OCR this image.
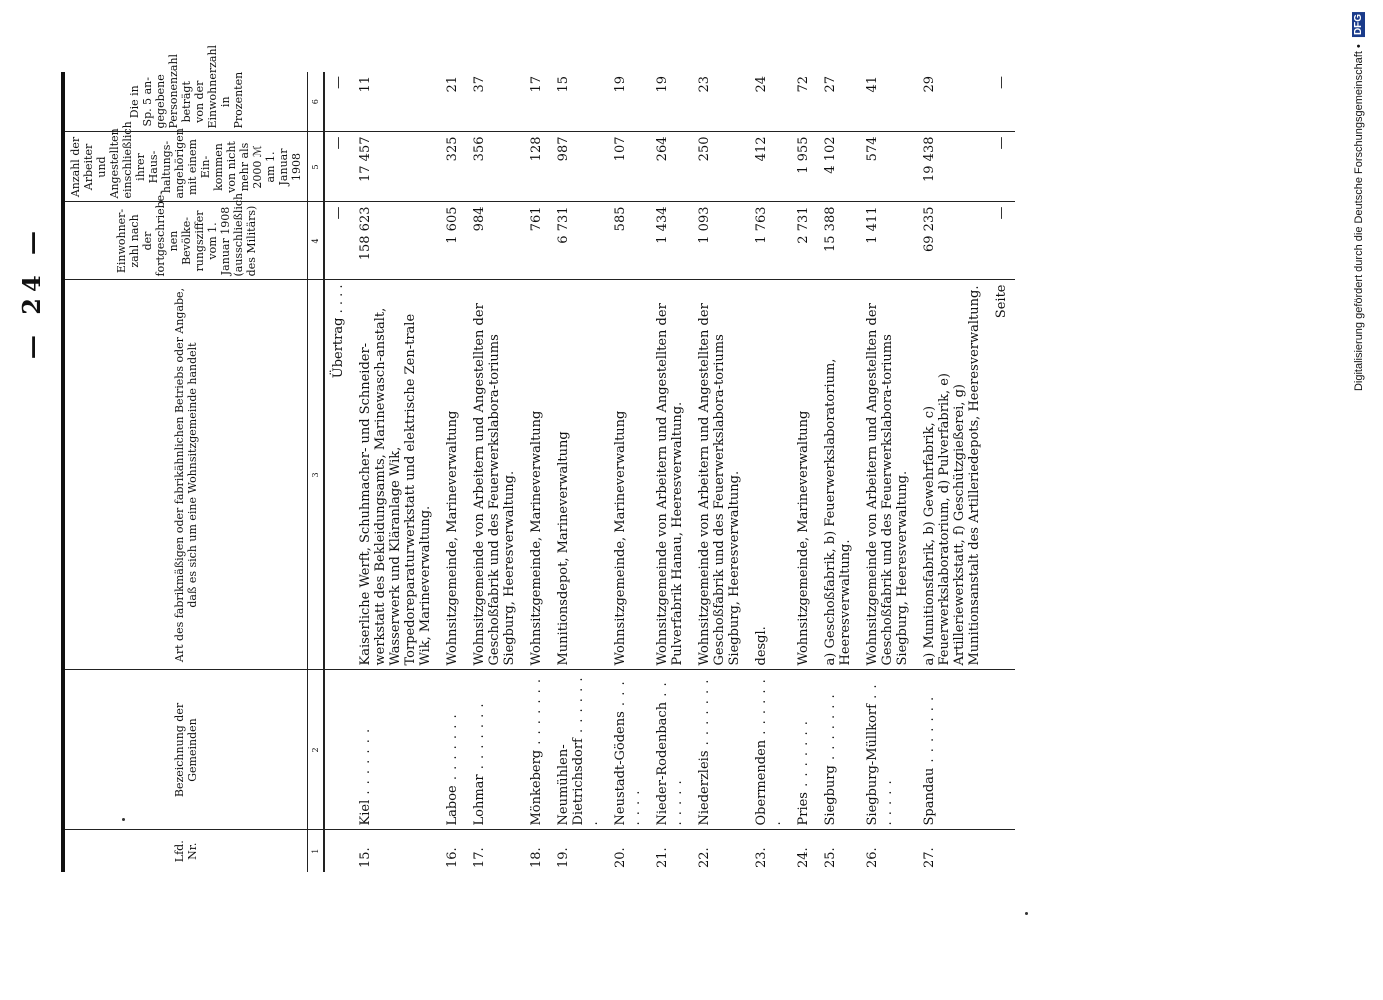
— 24 —
Lfd. Nr.	Bezeichnung der Gemeinden	Art des fabrikmäßigen oder fabrikähnlichen Betriebs oder Angabe, daß es sich um eine Wohnsitzgemeinde handelt	Einwohner-zahl nach der fortgeschriebe-nen Bevölke-rungsziffer vom 1. Januar 1908 (ausschließlich des Militärs)	Anzahl der Arbeiter und Angestellten einschließlich ihrer Haus-haltungs-angehörigen mit einem Ein-kommen von nicht mehr als 2000 ℳ am 1. Januar 1908	Die in Sp. 5 an-gegebene Personenzahl beträgt von der Einwohnerzahl in Prozenten
1	2	3	4	5	6
		Übertrag . . . .	—	—	—
15.	Kiel . . .	Kaiserliche Werft, Schuhmacher- und Schneider-werkstatt des Bekleidungsamts, Marinewasch-anstalt, Wasserwerk und Kläranlage Wik, Torpedoreparaturwerkstatt und elektrische Zen-trale Wik, Marineverwaltung.	158 623	17 457	11
16.	Laboe . . .	Wohnsitzgemeinde, Marineverwaltung	1 605	325	21
17.	Lohmar . . .	Wohnsitzgemeinde von Arbeitern und Angestellten der Geschoßfabrik und des Feuerwerkslabora-toriums Siegburg, Heeresverwaltung.	984	356	37
18.	Mönkeberg . . .	Wohnsitzgemeinde, Marineverwaltung	761	128	17
19.	Neumühlen-Dietrichsdorf . . .	Munitionsdepot, Marineverwaltung	6 731	987	15
20.	Neustadt-Gödens . . .	Wohnsitzgemeinde, Marineverwaltung	585	107	19
21.	Nieder-Rodenbach . . .	Wohnsitzgemeinde von Arbeitern und Angestellten der Pulverfabrik Hanau, Heeresverwaltung.	1 434	264	19
22.	Niederzleis . . .	Wohnsitzgemeinde von Arbeitern und Angestellten der Geschoßfabrik und des Feuerwerkslabora-toriums Siegburg, Heeresverwaltung.	1 093	250	23
23.	Obermenden . . .	desgl.	1 763	412	24
24.	Pries . . .	Wohnsitzgemeinde, Marineverwaltung	2 731	1 955	72
25.	Siegburg . . .	a) Geschoßfabrik, b) Feuerwerkslaboratorium, Heeresverwaltung.	15 388	4 102	27
26.	Siegburg-Müllkorf . . .	Wohnsitzgemeinde von Arbeitern und Angestellten der Geschoßfabrik und des Feuerwerkslabora-toriums Siegburg, Heeresverwaltung.	1 411	574	41
27.	Spandau . . .	a) Munitionsfabrik, b) Gewehrfabrik, c) Feuerwerkslaboratorium, d) Pulverfabrik, e) Artilleriewerkstatt, f) Geschützgießerei, g) Munitionsanstalt des Artilleriedepots, Heeresverwaltung.	69 235	19 438	29
		Seite	—	—	—	Digitalisierung gefördert durch die Deutsche Forschungsgemeinschaft • DFG
